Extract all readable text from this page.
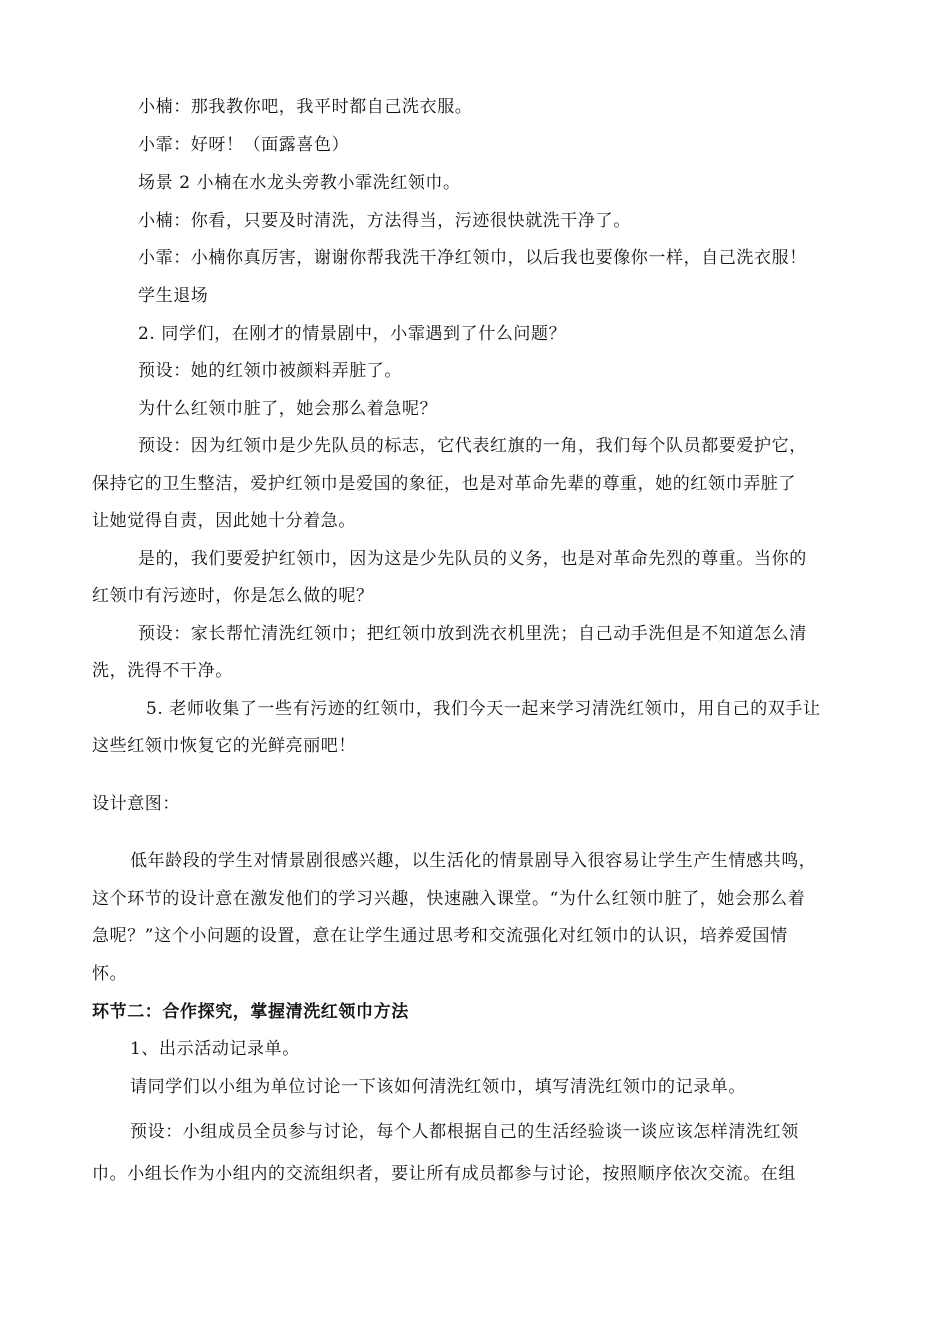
小楠：那我教你吧，我平时都自己洗衣服。
小霏：好呀！（面露喜色）
场景 2 小楠在水龙头旁教小霏洗红领巾。
小楠：你看，只要及时清洗，方法得当，污迹很快就洗干净了。
小霏：小楠你真厉害，谢谢你帮我洗干净红领巾，以后我也要像你一样，自己洗衣服！
学生退场
2. 同学们，在刚才的情景剧中，小霏遇到了什么问题？
预设：她的红领巾被颜料弄脏了。
为什么红领巾脏了，她会那么着急呢？
预设：因为红领巾是少先队员的标志，它代表红旗的一角，我们每个队员都要爱护它，
保持它的卫生整洁，爱护红领巾是爱国的象征，也是对革命先辈的尊重，她的红领巾弄脏了
让她觉得自责，因此她十分着急。
是的，我们要爱护红领巾，因为这是少先队员的义务，也是对革命先烈的尊重。当你的
红领巾有污迹时，你是怎么做的呢？
预设：家长帮忙清洗红领巾；把红领巾放到洗衣机里洗；自己动手洗但是不知道怎么清
洗，洗得不干净。
5. 老师收集了一些有污迹的红领巾，我们今天一起来学习清洗红领巾，用自己的双手让
这些红领巾恢复它的光鲜亮丽吧！
设计意图：
低年龄段的学生对情景剧很感兴趣，以生活化的情景剧导入很容易让学生产生情感共鸣，
这个环节的设计意在激发他们的学习兴趣，快速融入课堂。“为什么红领巾脏了，她会那么着
急呢？”这个小问题的设置，意在让学生通过思考和交流强化对红领巾的认识，培养爱国情
怀。
环节二：合作探究，掌握清洗红领巾方法
1、出示活动记录单。
请同学们以小组为单位讨论一下该如何清洗红领巾，填写清洗红领巾的记录单。
预设：小组成员全员参与讨论，每个人都根据自己的生活经验谈一谈应该怎样清洗红领
巾。小组长作为小组内的交流组织者，要让所有成员都参与讨论，按照顺序依次交流。在组
